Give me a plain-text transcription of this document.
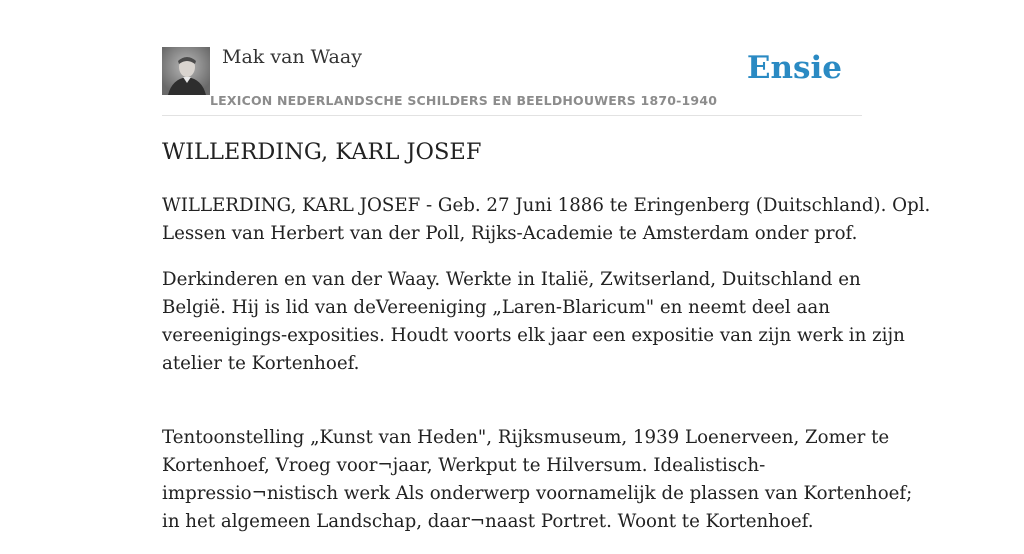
Mak van Waay
LEXICON NEDERLANDSCHE SCHILDERS EN BEELDHOUWERS 1870-1940
Ensie
WILLERDING, KARL JOSEF

WILLERDING, KARL JOSEF - Geb. 27 Juni 1886 te Eringenberg (Duitschland). Opl.
Lessen van Herbert van der Poll, Rijks-Academie te Amsterdam onder prof.

Derkinderen en van der Waay. Werkte in Italië, Zwitserland, Duitschland en
België. Hij is lid van deVereeniging „Laren-Blaricum" en neemt deel aan
vereenigings-exposities. Houdt voorts elk jaar een expositie van zijn werk in zijn
atelier te Kortenhoef.

Tentoonstelling „Kunst van Heden", Rijksmuseum, 1939 Loenerveen, Zomer te
Kortenhoef, Vroeg voor¬jaar, Werkput te Hilversum. Idealistisch-
impressio¬nistisch werk Als onderwerp voornamelijk de plassen van Kortenhoef;
in het algemeen Landschap, daar¬naast Portret. Woont te Kortenhoef.
